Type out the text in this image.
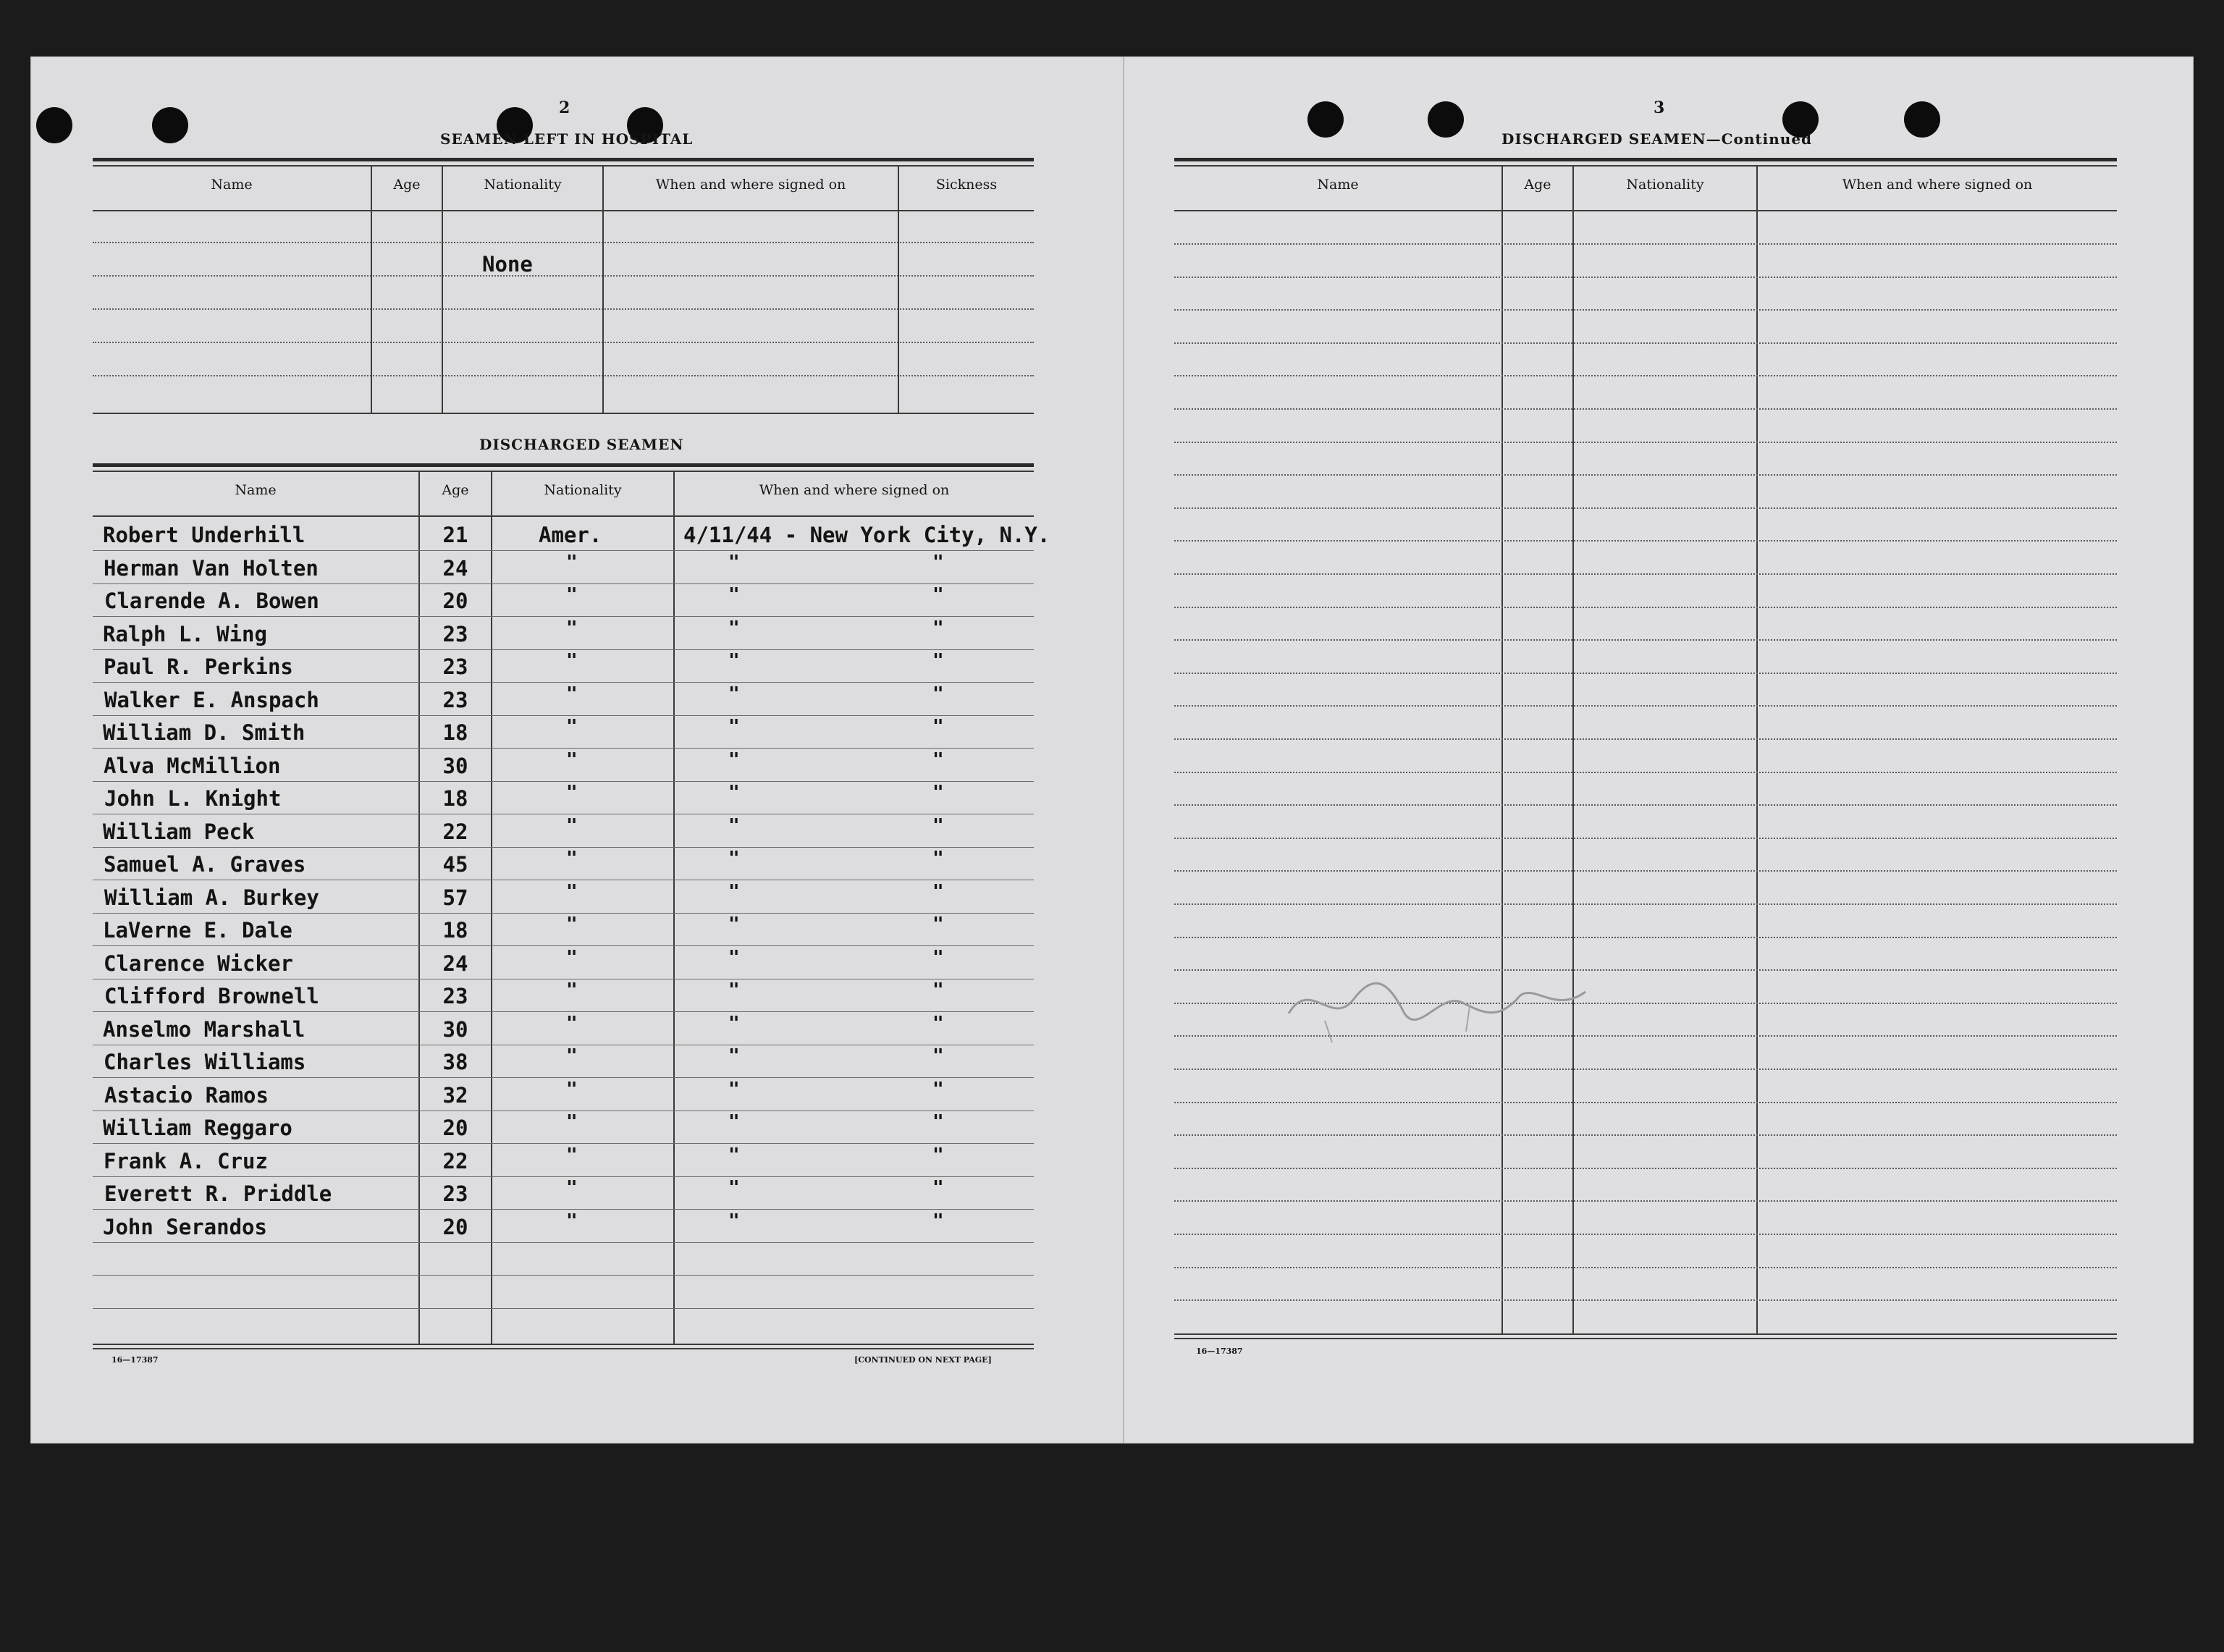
2
SEAMEN LEFT IN HOSPITAL
Name	Age	Nationality	When and where signed on	Sickness
None
DISCHARGED SEAMEN
Name	Age	Nationality	When and where signed on
Robert Underhill	21	Amer.	4/11/44 - New York City, N.Y.
Herman Van Holten	24	"	"	"
Clarende A. Bowen	20	"	"	"
Ralph L. Wing	23	"	"	"
Paul R. Perkins	23	"	"	"
Walker E. Anspach	23	"	"	"
William D. Smith	18	"	"	"
Alva McMillion	30	"	"	"
John L. Knight	18	"	"	"
William Peck	22	"	"	"
Samuel A. Graves	45	"	"	"
William A. Burkey	57	"	"	"
LaVerne E. Dale	18	"	"	"
Clarence Wicker	24	"	"	"
Clifford Brownell	23	"	"	"
Anselmo Marshall	30	"	"	"
Charles Williams	38	"	"	"
Astacio Ramos	32	"	"	"
William Reggaro	20	"	"	"
Frank A. Cruz	22	"	"	"
Everett R. Priddle	23	"	"	"
John Serandos	20	"	"	"
16—17387	[CONTINUED ON NEXT PAGE]
3
DISCHARGED SEAMEN—Continued
Name	Age	Nationality	When and where signed on
16—17387
